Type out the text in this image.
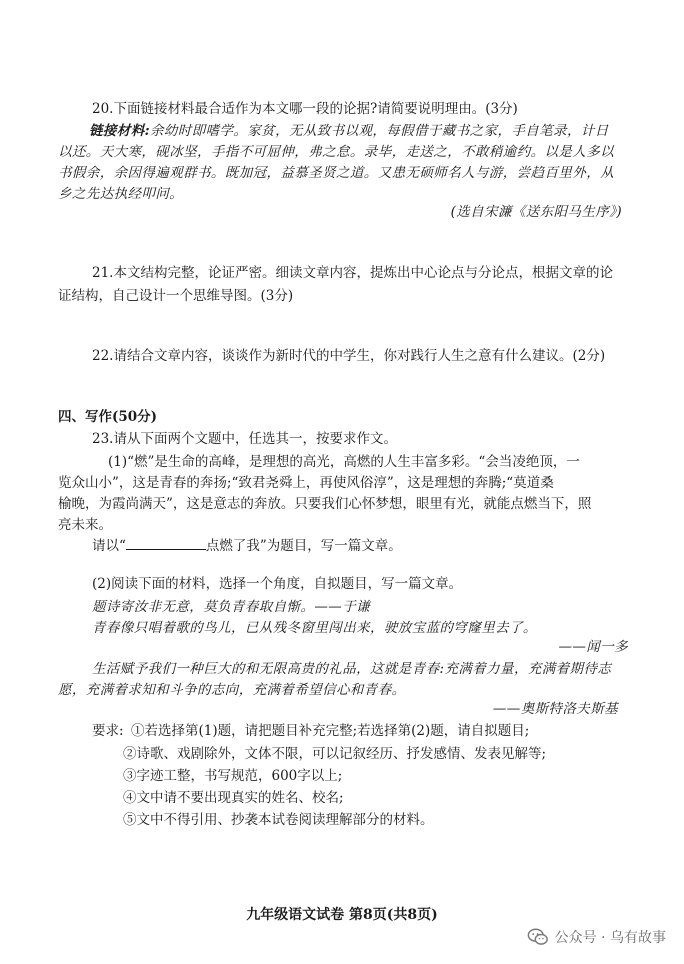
20.下面链接材料最合适作为本文哪一段的论据?请简要说明理由。(3分)
链接材料:余幼时即嗜学。家贫，无从致书以观，每假借于藏书之家，手自笔录，计日
以还。天大寒，砚冰坚，手指不可屈伸，弗之怠。录毕，走送之，不敢稍逾约。以是人多以
书假余，余因得遍观群书。既加冠，益慕圣贤之道。又患无硕师名人与游，尝趋百里外，从
乡之先达执经叩问。
(选自宋濂《送东阳马生序》)
21.本文结构完整，论证严密。细读文章内容，提炼出中心论点与分论点，根据文章的论
证结构，自己设计一个思维导图。(3分)
22.请结合文章内容，谈谈作为新时代的中学生，你对践行人生之意有什么建议。(2分)
四、写作(50分)
23.请从下面两个文题中，任选其一，按要求作文。
(1)“燃”是生命的高峰，是理想的高光，高燃的人生丰富多彩。“会当凌绝顶，一
览众山小”，这是青春的奔扬;“致君尧舜上，再使风俗淳”，这是理想的奔腾;“莫道桑
榆晚，为霞尚满天”，这是意志的奔放。只要我们心怀梦想，眼里有光，就能点燃当下，照
亮未来。
请以“	点燃了我”为题目，写一篇文章。
(2)阅读下面的材料，选择一个角度，自拟题目，写一篇文章。
题诗寄汝非无意，莫负青春取自惭。——于谦
青春像只唱着歌的鸟儿，已从残冬窗里闯出来，驶放宝蓝的穹窿里去了。
——闻一多
生活赋予我们一种巨大的和无限高贵的礼品，这就是青春:充满着力量，充满着期待志
愿，充满着求知和斗争的志向，充满着希望信心和青春。
——奥斯特洛夫斯基
要求: ①若选择第(1)题，请把题目补充完整;若选择第(2)题，请自拟题目;
②诗歌、戏剧除外，文体不限，可以记叙经历、抒发感情、发表见解等;
③字迹工整，书写规范，600字以上;
④文中请不要出现真实的姓名、校名;
⑤文中不得引用、抄袭本试卷阅读理解部分的材料。
九年级语文试卷 第8页(共8页)
公众号 · 乌有故事
